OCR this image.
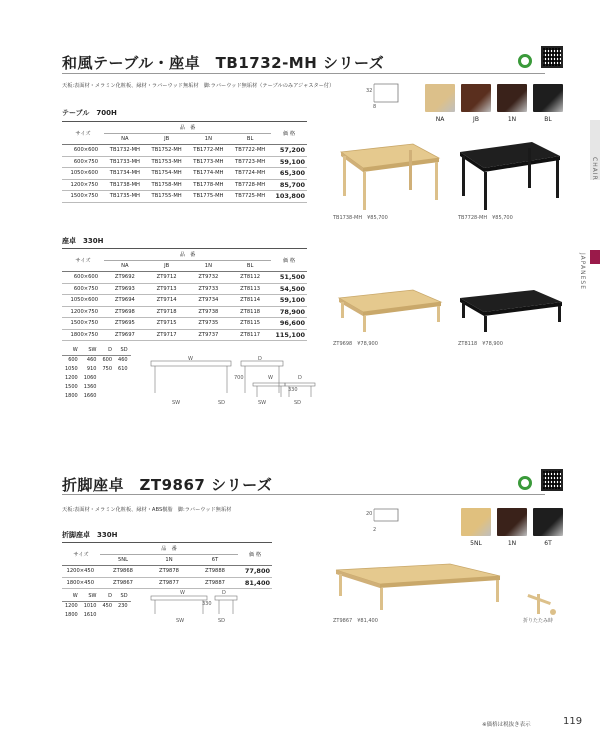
和風テーブル・座卓　TB1732-MH シリーズ
天板:表面材・メラミン化粧板、縁材・ラバーウッド無垢材　脚:ラバーウッド無垢材（テーブルのみアジャスター付）
テーブル　700H
サイズ	品　番				価 格
	NA	JB	1N	BL	
600×600	TB1732-MH	TB1752-MH	TB1772-MH	TB7722-MH	57,200
600×750	TB1733-MH	TB1753-MH	TB1773-MH	TB7723-MH	59,100
1050×600	TB1734-MH	TB1754-MH	TB1774-MH	TB7724-MH	65,300
1200×750	TB1738-MH	TB1758-MH	TB1778-MH	TB7728-MH	85,700
1500×750	TB1735-MH	TB1755-MH	TB1775-MH	TB7725-MH	103,800
座卓　330H
サイズ	品　番				価 格
	NA	JB	1N	BL	
600×600	ZT9692	ZT9712	ZT9732	ZT8112	51,500
600×750	ZT9693	ZT9713	ZT9733	ZT8113	54,500
1050×600	ZT9694	ZT9714	ZT9734	ZT8114	59,100
1200×750	ZT9698	ZT9718	ZT9738	ZT8118	78,900
1500×750	ZT9695	ZT9715	ZT9735	ZT8115	96,600
1800×750	ZT9697	ZT9717	ZT9737	ZT8117	115,100
W	SW	D	SD
600	460	600	460
1050	910	750	610
1200	1060		
1500	1360		
1800	1660		
W	D
700	W	D
SW	SD
330
SW	SD
32
8
NA	JB	1N	BL
TB1738-MH　¥85,700	TB7728-MH　¥85,700
ZT9698　¥78,900	ZT8118　¥78,900
CHAIR
JAPANESE
折脚座卓　ZT9867 シリーズ
天板:表面材・メラミン化粧板、縁材・ABS樹脂　脚:ラバーウッド無垢材
折脚座卓　330H
サイズ	品　番			価 格
	5NL	1N	6T	
1200×450	ZT9868	ZT9878	ZT9888	77,800
1800×450	ZT9867	ZT9877	ZT9887	81,400
W	SW	D	SD
1200	1010	450	230
1800	1610		
W	D
330
SW	SD
20
2
5NL	1N	6T
ZT9867　¥81,400	折りたたみ時
※価格は税抜き表示	119
